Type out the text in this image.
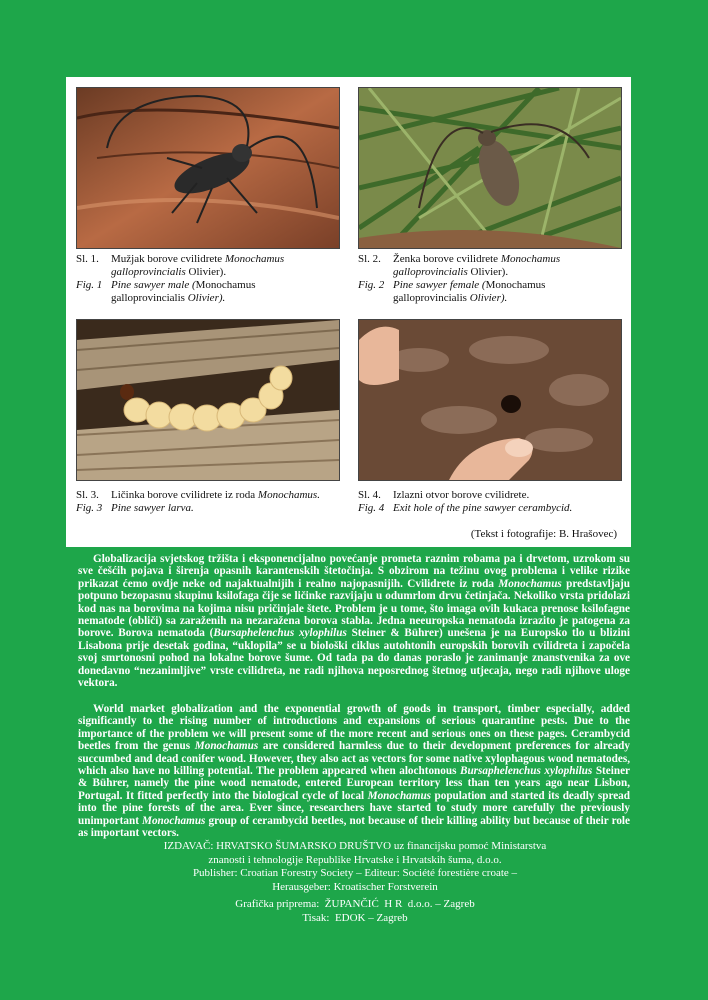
Sl. 1.	Mužjak borove cvilidrete Monochamus
galloprovincialis Olivier).
Fig. 1 Pine sawyer male (Monochamus
galloprovincialis Olivier).
Sl. 2.	Ženka borove cvilidrete Monochamus
galloprovincialis Olivier).
Fig. 2 Pine sawyer female (Monochamus
galloprovincialis Olivier).
Sl. 3.	Ličinka borove cvilidrete iz roda Monochamus.
Fig. 3 Pine sawyer larva.
Sl. 4.	Izlazni otvor borove cvilidrete.
Fig. 4 Exit hole of the pine sawyer cerambycid.
(Tekst i fotografije: B. Hrašovec)
Globalizacija svjetskog tržišta i eksponencijalno povećanje prometa raznim robama pa i drvetom, uzrokom su sve češćih pojava i širenja opasnih karantenskih štetočinja. S obzirom na težinu ovog problema i velike rizike prikazat ćemo ovdje neke od najaktualnijih i realno najopasnijih. Cvilidrete iz roda Monochamus predstavljaju potpuno bezopasnu skupinu ksilofaga čije se ličinke razvijaju u odumrlom drvu četinjača. Nekoliko vrsta pridolazi kod nas na borovima na kojima nisu pričinjale štete. Problem je u tome, što imaga ovih kukaca prenose ksilofagne nematode (obliči) sa zaraženih na nezaražena borova stabla. Jedna neeuropska nematoda izrazito je patogena za borove. Borova nematoda (Bursaphelenchus xylophilus Steiner & Bührer) unešena je na Europsko tlo u blizini Lisabona prije desetak godina, “uklopila” se u biološki ciklus autohtonih europskih borovih cvilidreta i započela svoj smrtonosni pohod na lokalne borove šume. Od tada pa do danas poraslo je zanimanje znanstvenika za ove donedavno “nezanimljive” vrste cvilidreta, ne radi njihova neposrednog štetnog utjecaja, nego radi njihove uloge vektora.
World market globalization and the exponential growth of goods in transport, timber especially, added significantly to the rising number of introductions and expansions of serious quarantine pests. Due to the importance of the problem we will present some of the more recent and serious ones on these pages. Cerambycid beetles from the genus Monochamus are considered harmless due to their development preferences for already succumbed and dead conifer wood. However, they also act as vectors for some native xylophagous wood nematodes, which also have no killing potential. The problem appeared when alochtonous Bursaphelenchus xylophilus Steiner & Bührer, namely the pine wood nematode, entered European territory less than ten years ago near Lisbon, Portugal. It fitted perfectly into the biological cycle of local Monochamus population and started its deadly spread into the pine forests of the area. Ever since, researchers have started to study more carefully the previously unimportant Monochamus group of cerambycid beetles, not because of their killing ability but because of their role as important vectors.
IZDAVAČ: HRVATSKO ŠUMARSKO DRUŠTVO uz financijsku pomoć Ministarstva
znanosti i tehnologije Republike Hrvatske i Hrvatskih šuma, d.o.o.
Publisher: Croatian Forestry Society – Editeur: Société forestière croate –
Herausgeber: Kroatischer Forstverein
Grafička priprema:  ŽUPANČIĆ  H R  d.o.o. – Zagreb
Tisak:  EDOK – Zagreb
